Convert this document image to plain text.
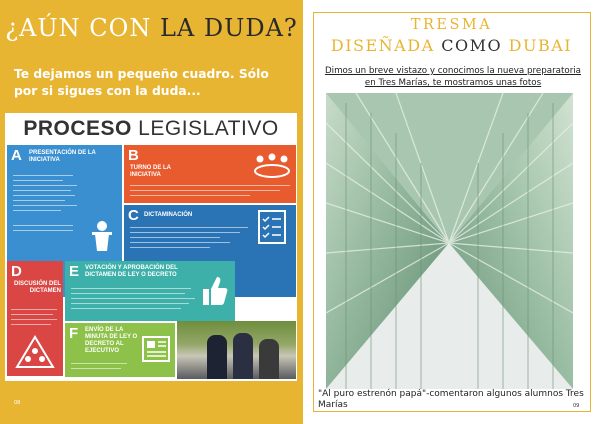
¿AÚN CON LA DUDA?
Te dejamos un pequeño cuadro. Sólo por si sigues con la duda...
PROCESO LEGISLATIVO
A PRESENTACIÓN DE LA INICIATIVA	B
TURNO DE LA INICIATIVA
C DICTAMINACIÓN
D
DISCUSIÓN DEL DICTAMEN
E VOTACIÓN Y APROBACIÓN DEL DICTAMEN DE LEY O DECRETO
F ENVÍO DE LA MINUTA DE LEY O DECRETO AL EJECUTIVO
08
TRESMA
DISEÑADA COMO DUBAI
Dimos un breve vistazo y conocimos la nueva preparatoria en Tres Marías, te mostramos unas fotos
"Al puro estrenón papá"-comentaron algunos alumnos Tres Marías	09
